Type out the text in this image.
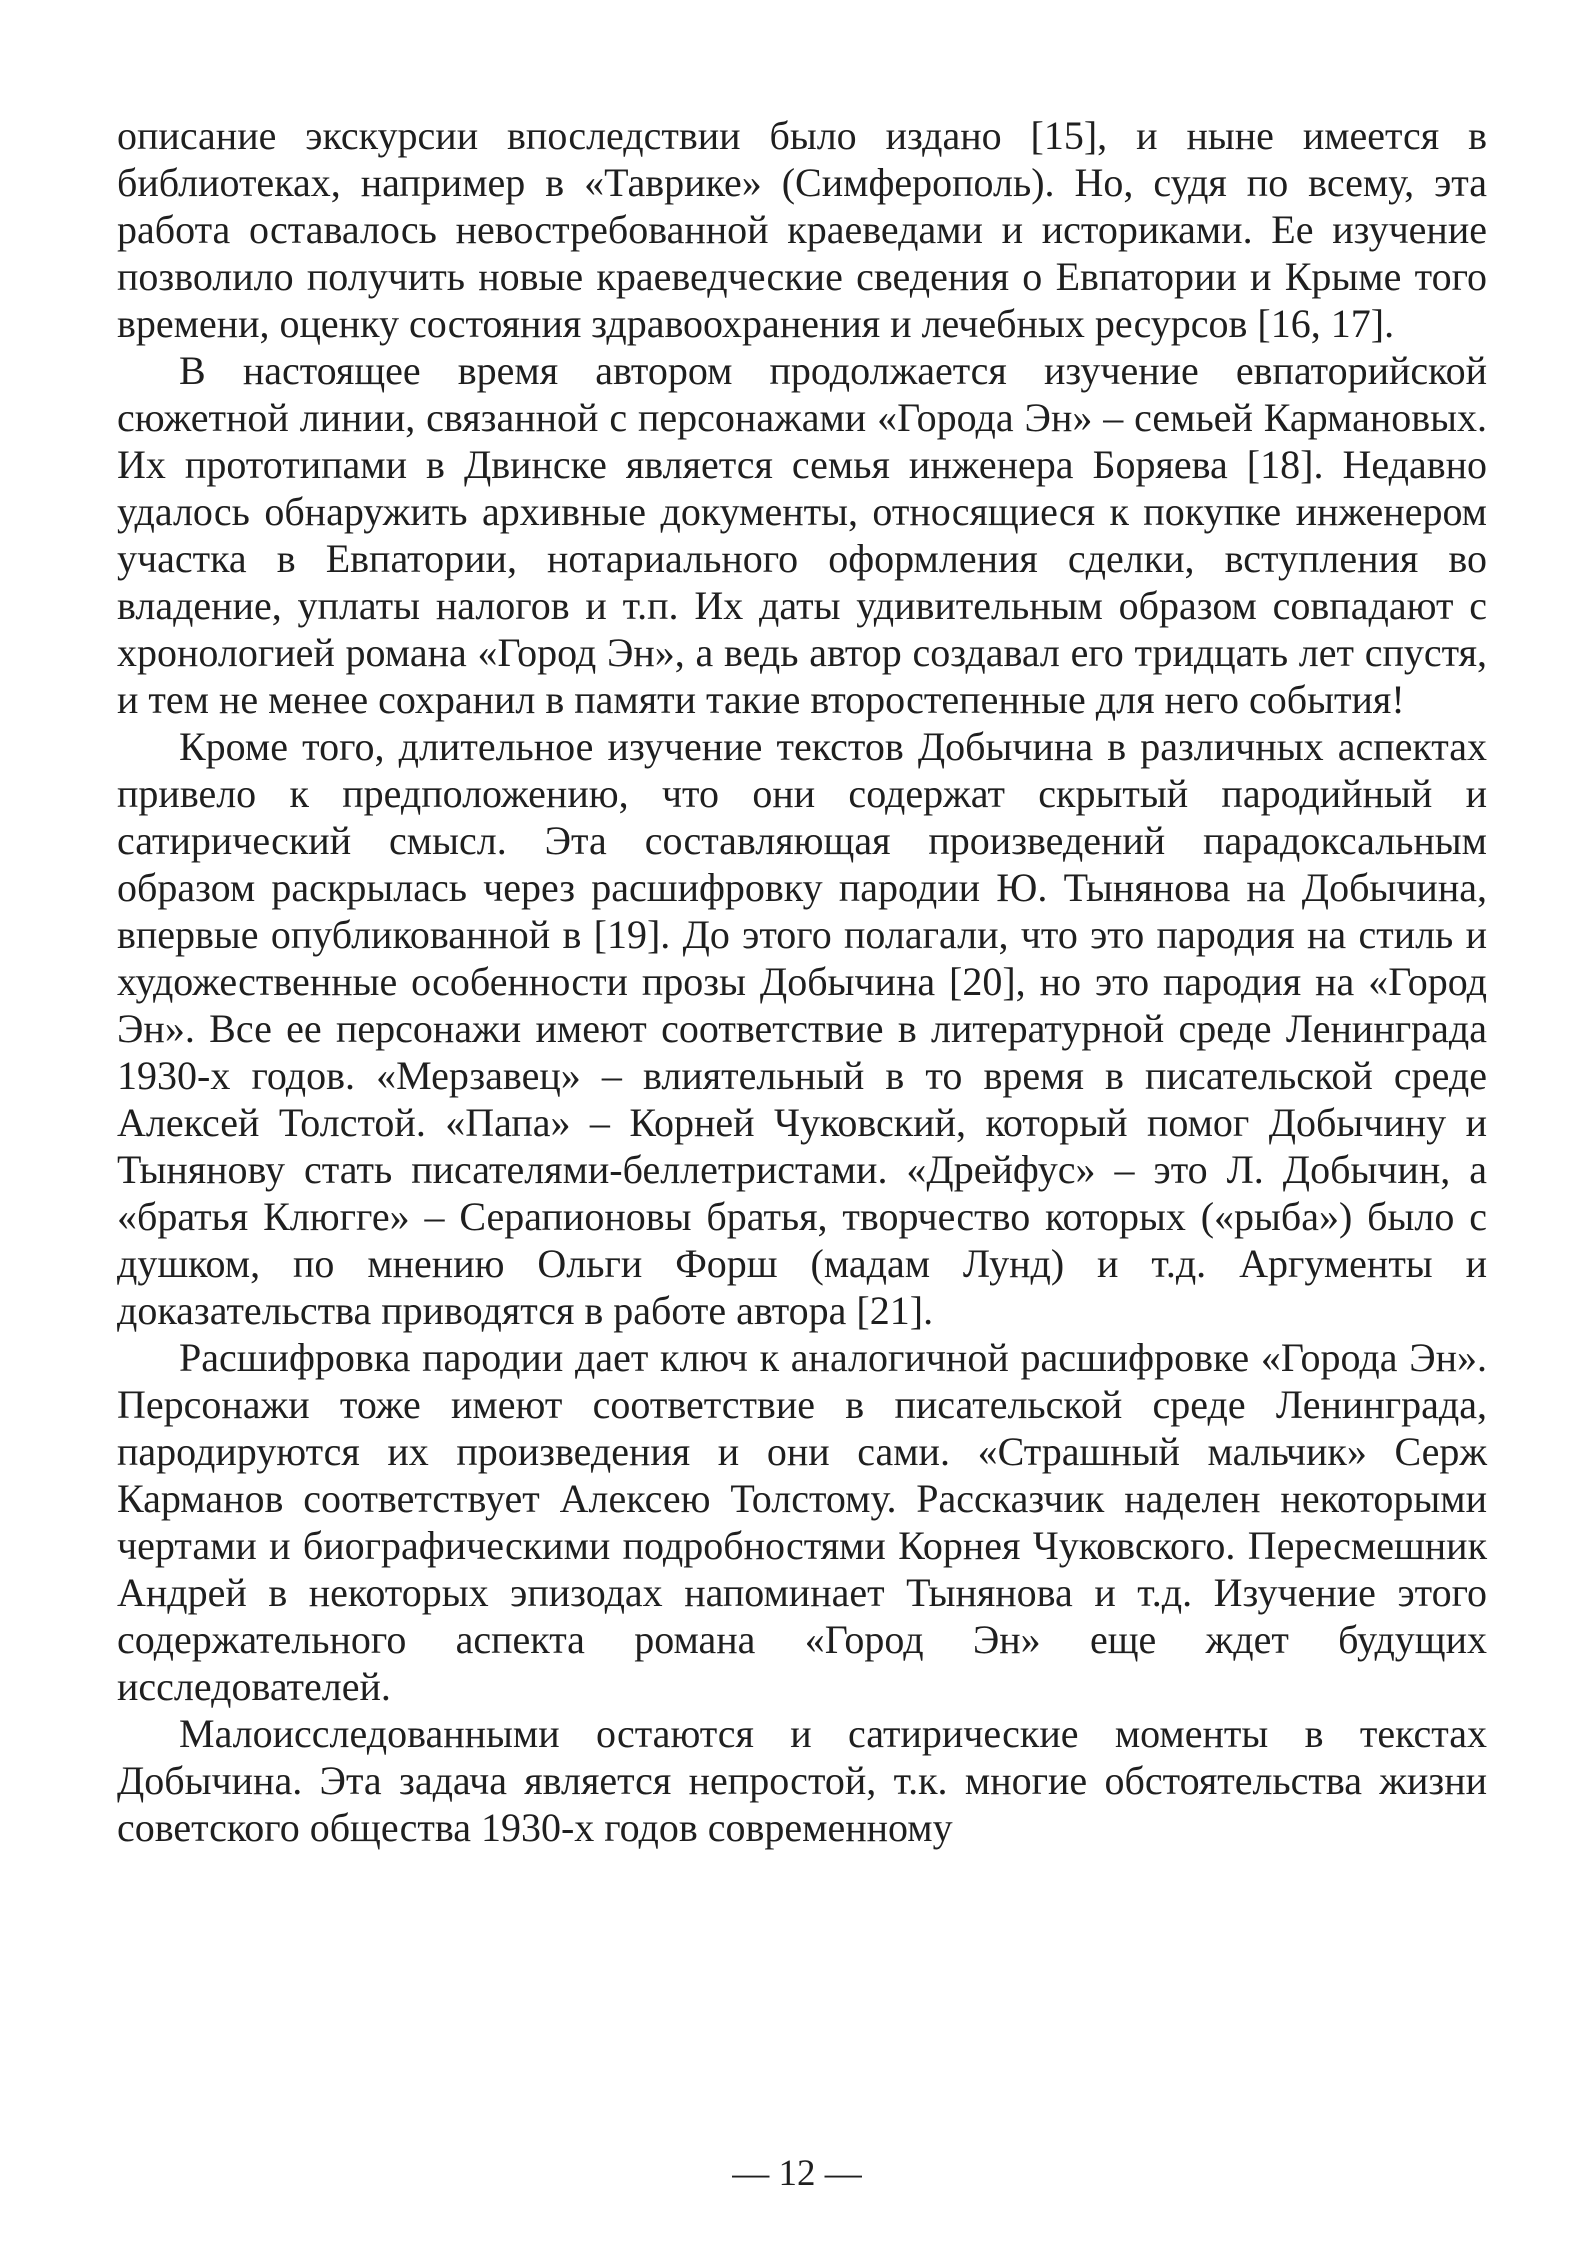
описание экскурсии впоследствии было издано [15], и ныне имеется в библиотеках, например в «Таврике» (Симферополь). Но, судя по всему, эта работа оставалось невостребованной краеведами и историками. Ее изучение позволило получить новые краеведческие сведения о Евпатории и Крыме того времени, оценку состояния здравоохранения и лечебных ресурсов [16, 17].

В настоящее время автором продолжается изучение евпаторийской сюжетной линии, связанной с персонажами «Города Эн» – семьей Кармановых. Их прототипами в Двинске является семья инженера Боряева [18]. Недавно удалось обнаружить архивные документы, относящиеся к покупке инженером участка в Евпатории, нотариального оформления сделки, вступления во владение, уплаты налогов и т.п. Их даты удивительным образом совпадают с хронологией романа «Город Эн», а ведь автор создавал его тридцать лет спустя, и тем не менее сохранил в памяти такие второстепенные для него события!

Кроме того, длительное изучение текстов Добычина в различных аспектах привело к предположению, что они содержат скрытый пародийный и сатирический смысл. Эта составляющая произведений парадоксальным образом раскрылась через расшифровку пародии Ю. Тынянова на Добычина, впервые опубликованной в [19]. До этого полагали, что это пародия на стиль и художественные особенности прозы Добычина [20], но это пародия на «Город Эн». Все ее персонажи имеют соответствие в литературной среде Ленинграда 1930-х годов. «Мерзавец» – влиятельный в то время в писательской среде Алексей Толстой. «Папа» – Корней Чуковский, который помог Добычину и Тынянову стать писателями-беллетристами. «Дрейфус» – это Л. Добычин, а «братья Клюгге» – Серапионовы братья, творчество которых («рыба») было с душком, по мнению Ольги Форш (мадам Лунд) и т.д. Аргументы и доказательства приводятся в работе автора [21].

Расшифровка пародии дает ключ к аналогичной расшифровке «Города Эн». Персонажи тоже имеют соответствие в писательской среде Ленинграда, пародируются их произведения и они сами. «Страшный мальчик» Серж Карманов соответствует Алексею Толстому. Рассказчик наделен некоторыми чертами и биографическими подробностями Корнея Чуковского. Пересмешник Андрей в некоторых эпизодах напоминает Тынянова и т.д. Изучение этого содержательного аспекта романа «Город Эн» еще ждет будущих исследователей.

Малоисследованными остаются и сатирические моменты в текстах Добычина. Эта задача является непростой, т.к. многие обстоятельства жизни советского общества 1930-х годов современному

— 12 —
